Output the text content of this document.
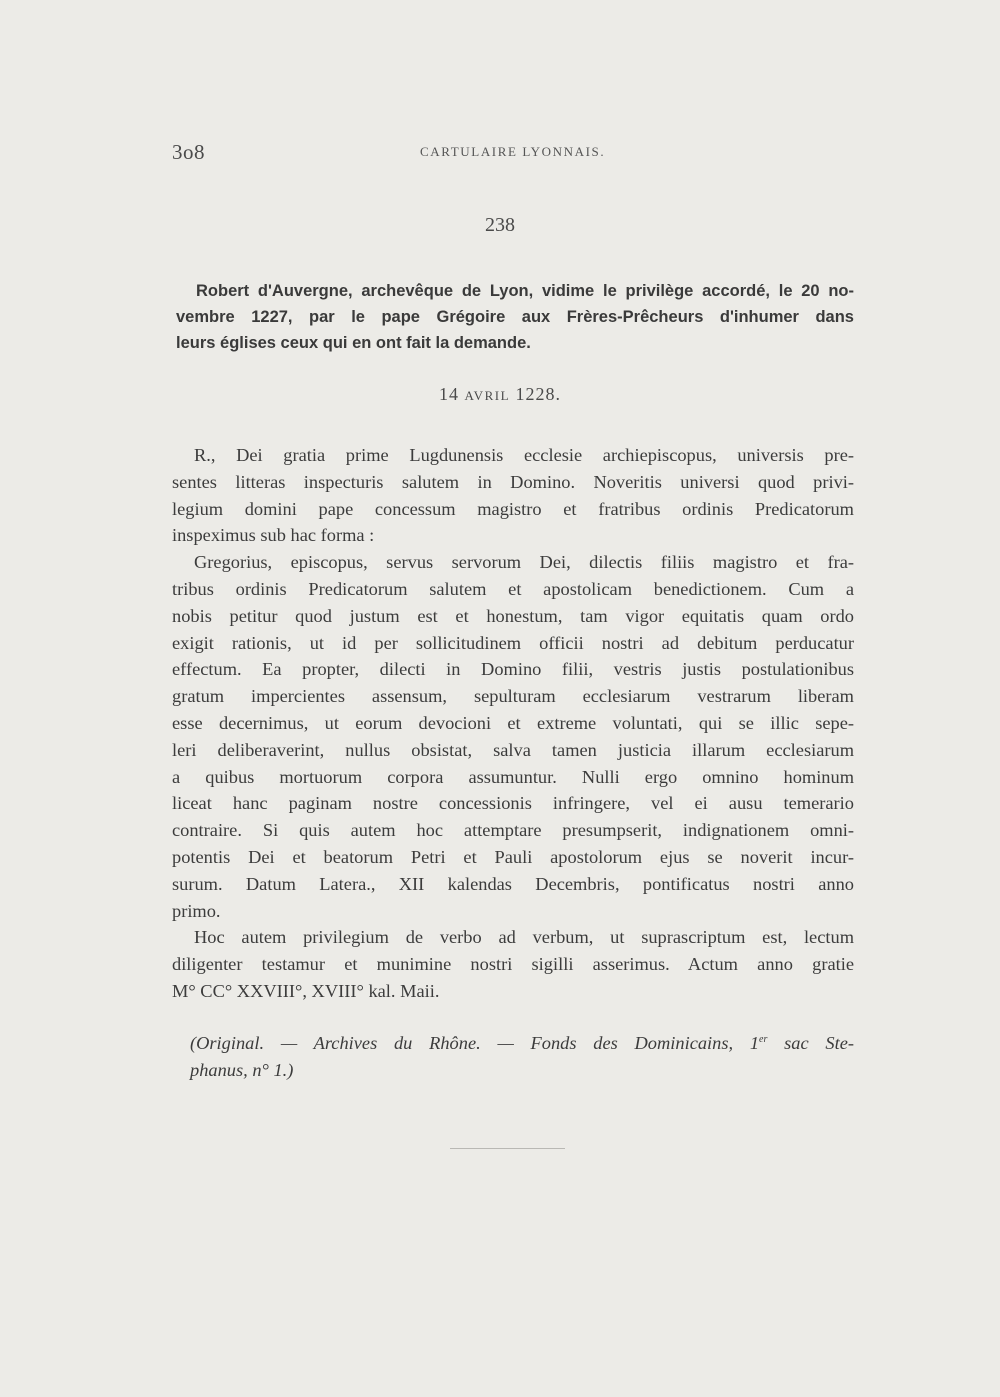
3o8	CARTULAIRE LYONNAIS.
238
Robert d'Auvergne, archevêque de Lyon, vidime le privilège accordé, le 20 no-
vembre 1227, par le pape Grégoire aux Frères-Prêcheurs d'inhumer dans
leurs églises ceux qui en ont fait la demande.
14 AVRIL 1228.
R., Dei gratia prime Lugdunensis ecclesie archiepiscopus, universis pre-
sentes litteras inspecturis salutem in Domino. Noveritis universi quod privi-
legium domini pape concessum magistro et fratribus ordinis Predicatorum
inspeximus sub hac forma :
Gregorius, episcopus, servus servorum Dei, dilectis filiis magistro et fra-
tribus ordinis Predicatorum salutem et apostolicam benedictionem. Cum a
nobis petitur quod justum est et honestum, tam vigor equitatis quam ordo
exigit rationis, ut id per sollicitudinem officii nostri ad debitum perducatur
effectum. Ea propter, dilecti in Domino filii, vestris justis postulationibus
gratum impercientes assensum, sepulturam ecclesiarum vestrarum liberam
esse decernimus, ut eorum devocioni et extreme voluntati, qui se illic sepe-
leri deliberaverint, nullus obsistat, salva tamen justicia illarum ecclesiarum
a quibus mortuorum corpora assumuntur. Nulli ergo omnino hominum
liceat hanc paginam nostre concessionis infringere, vel ei ausu temerario
contraire. Si quis autem hoc attemptare presumpserit, indignationem omni-
potentis Dei et beatorum Petri et Pauli apostolorum ejus se noverit incur-
surum. Datum Latera., XII kalendas Decembris, pontificatus nostri anno
primo.
Hoc autem privilegium de verbo ad verbum, ut suprascriptum est, lectum
diligenter testamur et munimine nostri sigilli asserimus. Actum anno gratie
M° CC° XXVIII°, XVIII° kal. Maii.
(Original. — Archives du Rhône. — Fonds des Dominicains, 1er sac Ste-
phanus, n° 1.)
